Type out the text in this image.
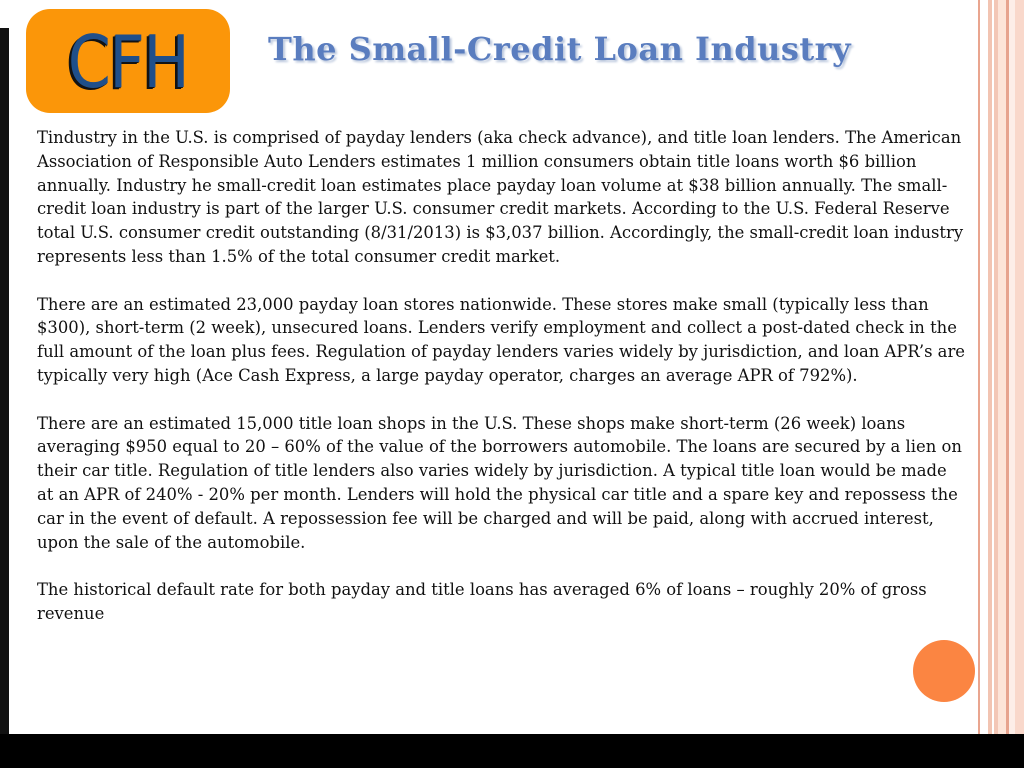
CFH The Small-Credit Loan Industry

Tindustry in the U.S. is comprised of payday lenders (aka check advance), and title loan lenders. The American Association of Responsible Auto Lenders estimates 1 million consumers obtain title loans worth $6 billion annually. Industry he small-credit loan estimates place payday loan volume at $38 billion annually. The small-credit loan industry is part of the larger U.S. consumer credit markets. According to the U.S. Federal Reserve total U.S. consumer credit outstanding (8/31/2013) is $3,037 billion. Accordingly, the small-credit loan industry represents less than 1.5% of the total consumer credit market.

There are an estimated 23,000 payday loan stores nationwide. These stores make small (typically less than $300), short-term (2 week), unsecured loans. Lenders verify employment and collect a post-dated check in the full amount of the loan plus fees. Regulation of payday lenders varies widely by jurisdiction, and loan APR’s are typically very high (Ace Cash Express, a large payday operator, charges an average APR of 792%).

There are an estimated 15,000 title loan shops in the U.S. These shops make short-term (26 week) loans averaging $950 equal to 20 – 60% of the value of the borrowers automobile. The loans are secured by a lien on their car title. Regulation of title lenders also varies widely by jurisdiction. A typical title loan would be made at an APR of 240% - 20% per month. Lenders will hold the physical car title and a spare key and repossess the car in the event of default. A repossession fee will be charged and will be paid, along with accrued interest, upon the sale of the automobile.

The historical default rate for both payday and title loans has averaged 6% of loans – roughly 20% of gross revenue
